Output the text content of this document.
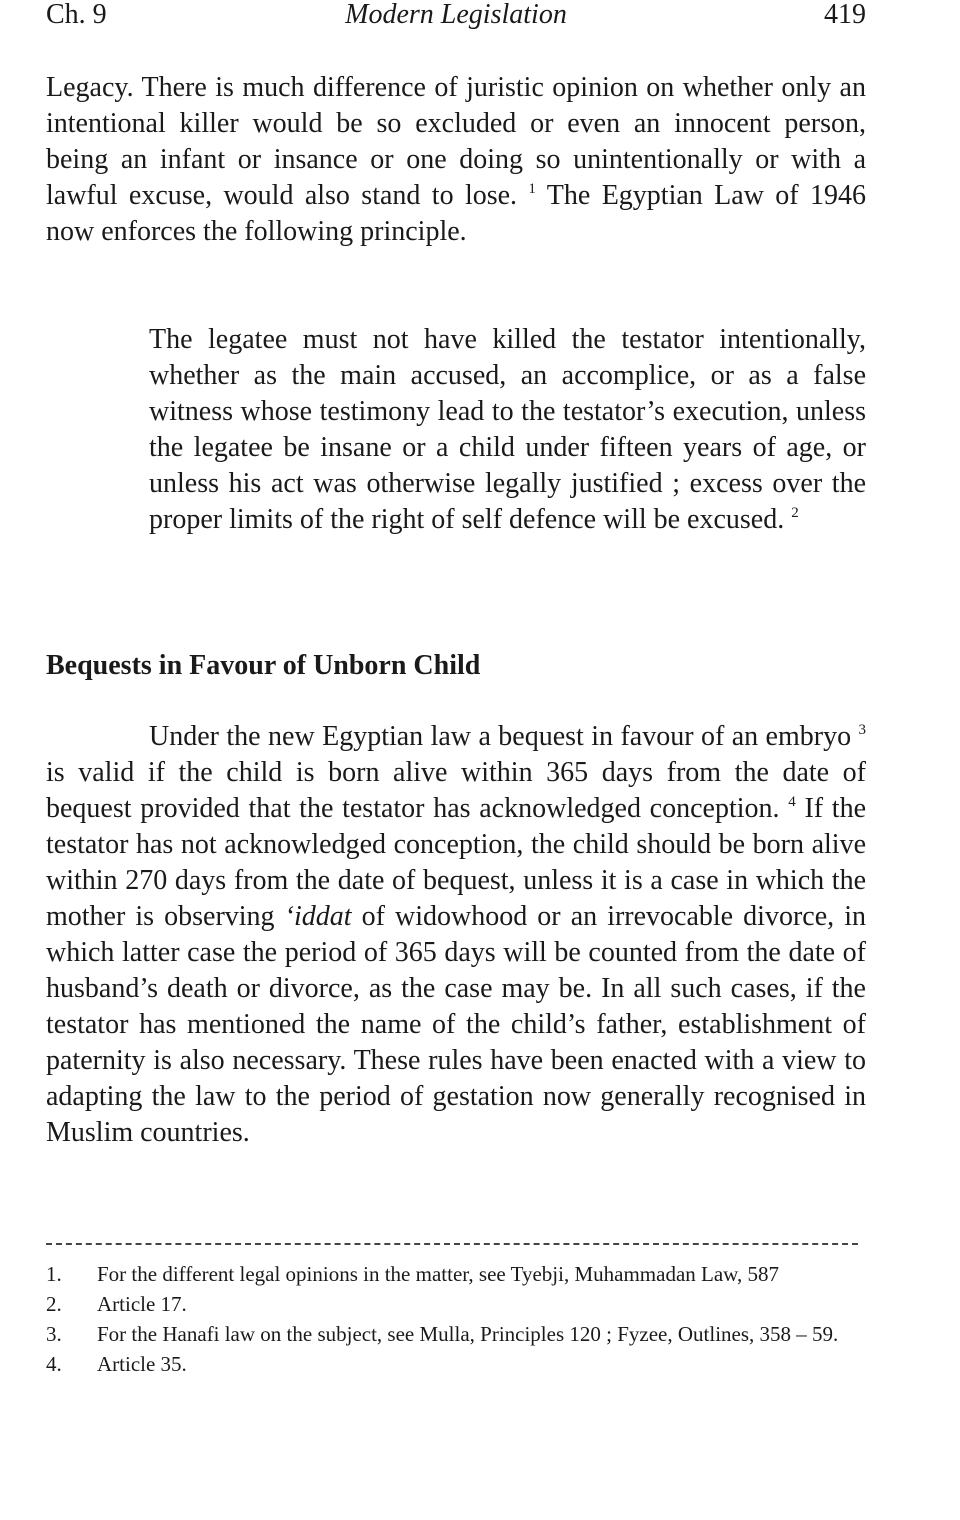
Ch. 9	Modern Legislation	419

Legacy. There is much difference of juristic opinion on whether only an intentional killer would be so excluded or even an innocent person, being an infant or insance or one doing so unintentionally or with a lawful excuse, would also stand to lose. $^1$ The Egyptian Law of 1946 now enforces the following principle.

The legatee must not have killed the testator intentionally, whether as the main accused, an accomplice, or as a false witness whose testimony lead to the testator’s execution, unless the legatee be insane or a child under fifteen years of age, or unless his act was otherwise legally justified ; excess over the proper limits of the right of self defence will be excused. $^2$

Bequests in Favour of Unborn Child

Under the new Egyptian law a bequest in favour of an embryo $^3$ is valid if the child is born alive within 365 days from the date of bequest provided that the testator has acknowledged conception. $^4$ If the testator has not acknowledged conception, the child should be born alive within 270 days from the date of bequest, unless it is a case in which the mother is observing ‘iddat of widowhood or an irrevocable divorce, in which latter case the period of 365 days will be counted from the date of husband’s death or divorce, as the case may be. In all such cases, if the testator has mentioned the name of the child’s father, establishment of paternity is also necessary. These rules have been enacted with a view to adapting the law to the period of gestation now generally recognised in Muslim countries.

1. For the different legal opinions in the matter, see Tyebji, Muhammadan Law, 587
2. Article 17.
3. For the Hanafi law on the subject, see Mulla, Principles 120 ; Fyzee, Outlines, 358 – 59.
4. Article 35.
